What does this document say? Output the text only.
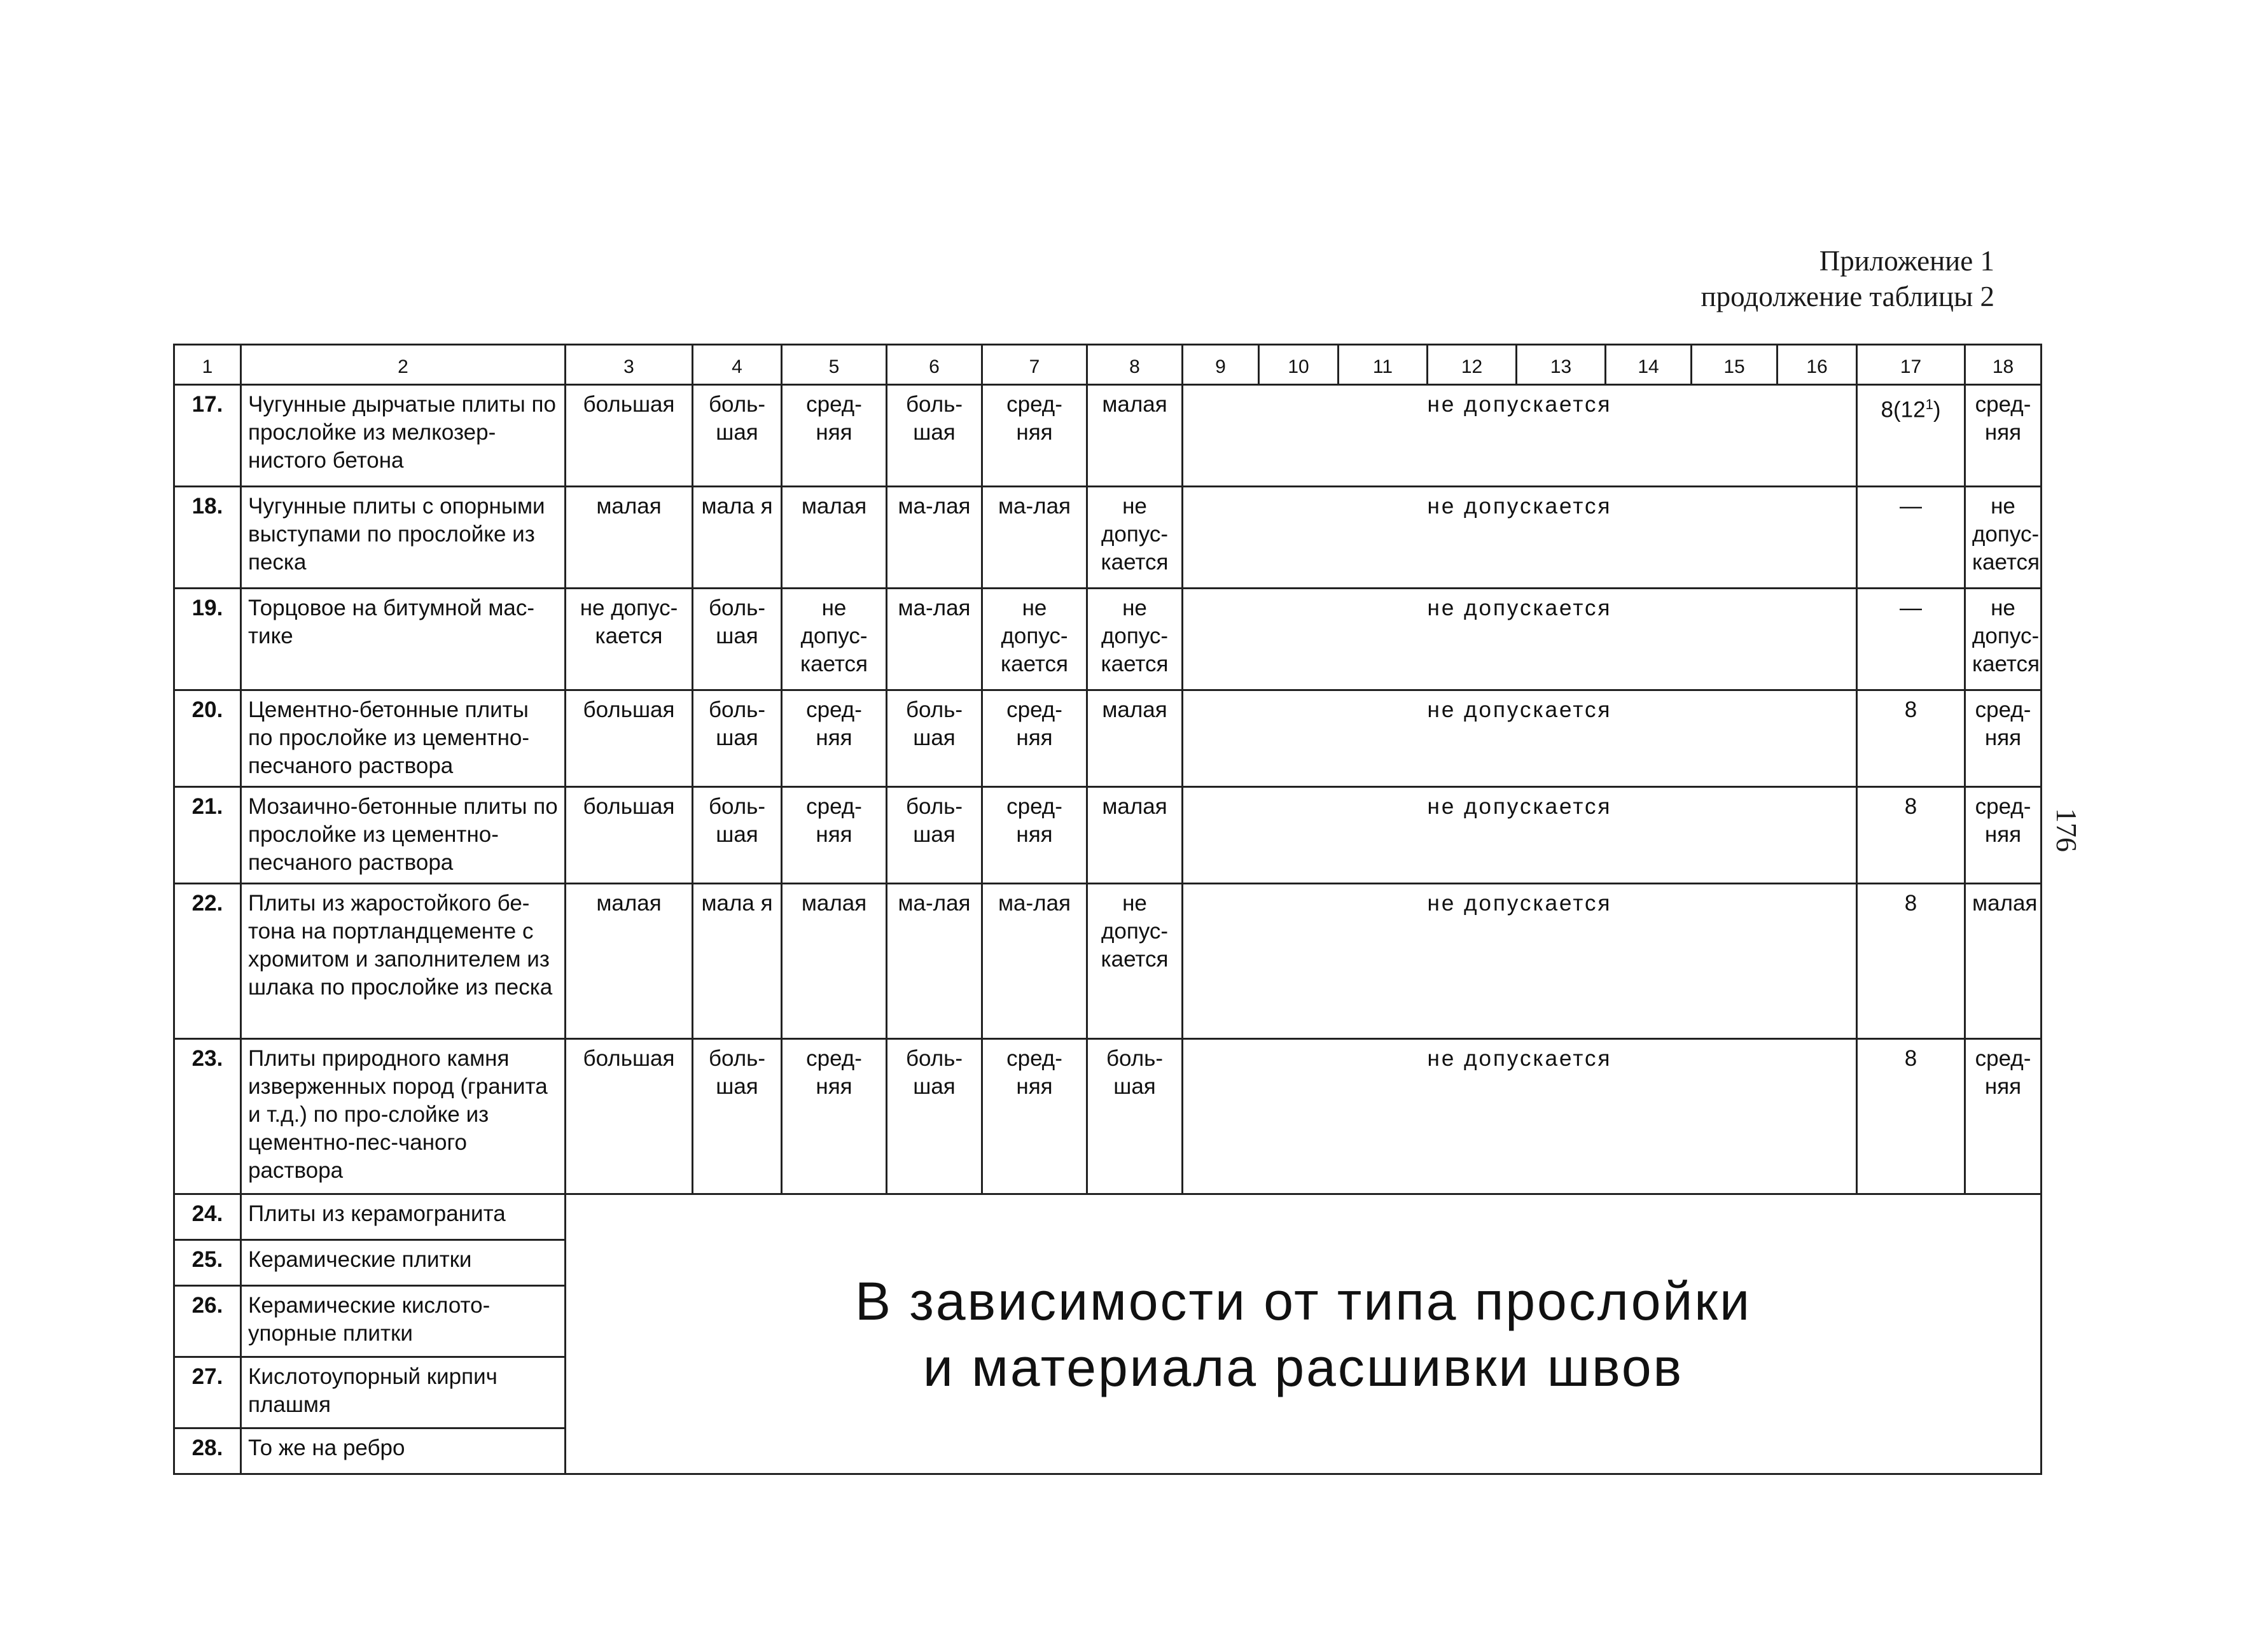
Приложение 1
продолжение таблицы 2
176
1	2	3	4	5	6	7	8	9	10	11	12	13	14	15	16	17	18
17.	Чугунные дырчатые плиты по прослойке из мелкозер-нистого бетона	большая	боль-шая	сред-няя	боль-шая	сред-няя	малая	не допускается								$8(12^1)$	сред-няя
18.	Чугунные плиты с опорными выступами по прослойке из песка	малая	мала я	малая	ма-лая	ма-лая	не допус-кается	не допускается								—	не допус-кается
19.	Торцовое на битумной мас-тике	не допус-кается	боль-шая	не допус-кается	ма-лая	не допус-кается	не допус-кается	не допускается								—	не допус-кается
20.	Цементно-бетонные плиты по прослойке из цементно-песчаного раствора	большая	боль-шая	сред-няя	боль-шая	сред-няя	малая	не допускается								8	сред-няя
21.	Мозаично-бетонные плиты по прослойке из цементно-песчаного раствора	большая	боль-шая	сред-няя	боль-шая	сред-няя	малая	не допускается								8	сред-няя
22.	Плиты из жаростойкого бе-тона на портландцементе с хромитом и заполнителем из шлака по прослойке из песка	малая	мала я	малая	ма-лая	ма-лая	не допус-кается	не допускается								8	малая
23.	Плиты природного камня изверженных пород (гранита и т.д.) по про-слойке из цементно-пес-чаного раствора	большая	боль-шая	сред-няя	боль-шая	сред-няя	боль-шая	не допускается								8	сред-няя
24.	Плиты из керамогранита	В зависимости от типа прослойки
и материала расшивки швов															

25.	Керамические плитки																
26.	Керамические кислото-упорные плитки																
27.	Кислотоупорный кирпич плашмя																
28.	То же на ребро																
